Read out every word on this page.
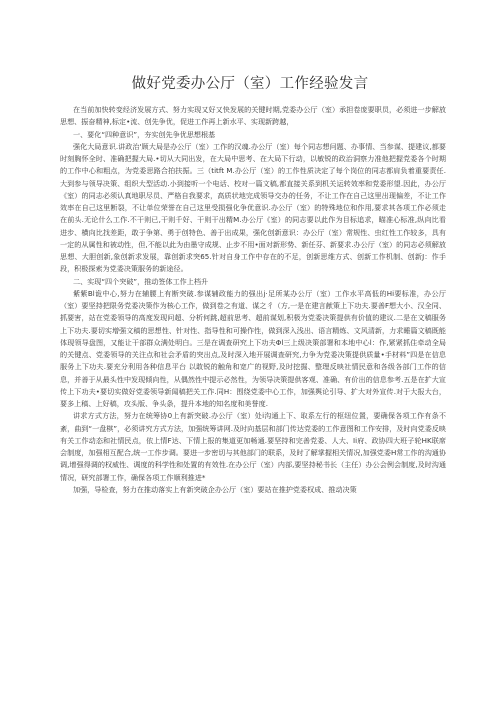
做好党委办公厅（室）工作经验发言

在当前加快转变经济发展方式、努力实现又好又快发展的关键时期,党委办公厅（室）承担卷庞要职员，必须进一步解放思想、振奋精神,标定•流、创先争优，促进工作再上新水平、实现新跨越，

一、要化“四种意识”，夯实创先争优思想根基

强化大局意识.讲政治'顾大局是办公厅（室）工作的汉魂.办公厅（室）每个同志想问题、办事情、当参谋、提建议,都要时刻胸怀全时、准确把握大局.•切从大同出发，在大局中思考、在大局下行动，以敏锐的政治洞察力准他把握党委各个时期的工作中心和粗点，为党委思路合拍扶振。三（titft M.办公厅（室）的工作性质决定了每个岗位的同志都肩负着重要责任.大到参与领导决策、组织大型活动.小到接听一个电话、校对一篇文稿,都直接关系到机关运转效率和党委形望.因此，办公厅《室）的同志必须认真地职尽员、严格自我要求，高质状地完成领导交办的任务，不让工作在自己这里出现偏差，不让工作效率在自己这里断裂，不让单位荣誉在自己这里受损强化争优意识.办公厅（室）的特殊地位和作用,要求其各项工作必须走在前头.无论什么工作.不干则已,干则千好、干则干出精M.办公厅《室）的同志要以此作为目标追求，瞄准心标准,纵向比看进步、横向比找差距，敢于争第、勇于创特色、善于出成果，强化创新意识：办公厅（室）常规性、虫红性工作较多，具有一定的从属性和被动性，但,不能以此为由墨守成规、止步不用•面对新形势、新任芬、新要求.办公厅（室）的同志必须解放思想、大胆创新,象创新求发展，靠创新求突65.针对自身工作中存在的不足，创新思维方式、创新工作机制、创新J：作手段，积极探索为党委决策服务的新途径。

二、实现“四个突破”，推动签体工作上档升

紫紫Bl诡中心,努力在辅腰上有断突破.参谋辅政能力的强出j·足所某办公厅（室）工作水平高低的Hi要标准，办公厅（室）要坚持把限务党委决策作为核心工作，做到卷之有道、谋之彳（方,一是在建言献策上下功夫.要善F想大小、汉全同、抓要害，站在党委领导的高度发现问超、分析何跳,超前思考、超前谋划,积极为党委决策提供有价值的建议.二是在文稿服务上下功夫.要切实增强文稿的思想性、针对性、指导性和可操作性，做到深入浅出、语言精炼、文风清新，力求睡篇文稿既能体现领导盘图，又能让干部群众满处明白。三是在调查研究上下功夫Φl三上级决策部署和本地中心l：作,紧紧抓住牵动全局的关键点、党委领导的关注点和社会矛盾的突出点,及时深入地开展调查研究,力争为党委决策提供质量•手材料”四是在信息服务上下功夫.要充分利用各种信息平台 以敢锐的触角和宽广的视野,及时挖掘、整理反映社情民意和各级各部门工作的信息，并善于从最头性中发现倾向性，从偶然性中提示必然性，为领导决策提供客观、准确、有价出的信息参考.五是在扩大宣传上下功夫•要切实做好党委领导新闻稿把关工作.同H：围绕党委中心工作，加强舆论引导、扩大对外宣传.对于大报大台，要多上稿、上好稿，攻头版、争头条，提升本地的知名度和美誉度.

讲求方式方法，努力在统筹协0上有新突破.办公厅（室）处i沟通上下、取系左行的枢纽位置，要确保各项工作有条不紊，曲到“一盘棋”，必须讲究方式方法，加强统筹讲网.及时向基层和部门传达党委的工作意图和工作安排，及时向党委反映有关工作动态和社情民点，依上情F达、下情上报的集道更加畅通.要坚持和完善党委、人大、Ii府、政协四大班子轮HK联席会制度，加强相互配合,统一工作步调。要进一步密切与其他部门的联系，及时了解掌握相关情况,加强党委H常工作的沟通协调,增强得调的权威性、调度的科学性和处置的有效性.在办公厅（室）内部,要坚持秘书长（主任）办公会例会制度,及时沟通情况，研究部署工作，确保各项工作顺利推进*

加强，导检查，努力在推动落实上有新突破企办公厅（室）要站在推护党委权成、推动决策
